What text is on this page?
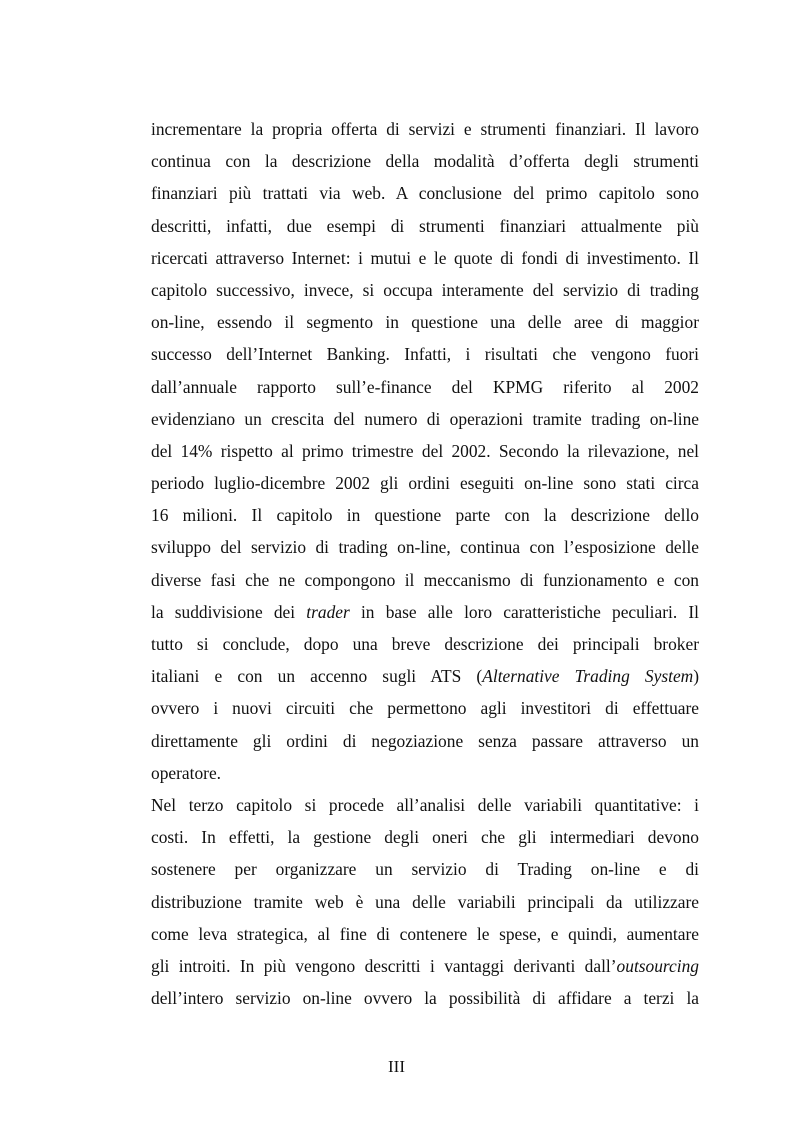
incrementare la propria offerta di servizi e strumenti finanziari. Il lavoro
continua con la descrizione della modalità d’offerta degli strumenti
finanziari più trattati via web. A conclusione del primo capitolo sono
descritti, infatti, due esempi di strumenti finanziari attualmente più
ricercati attraverso Internet: i mutui e le quote di fondi di investimento. Il
capitolo successivo, invece, si occupa interamente del servizio di trading
on-line, essendo il segmento in questione una delle aree di maggior
successo dell’Internet Banking. Infatti, i risultati che vengono fuori
dall’annuale rapporto sull’e-finance del KPMG riferito al 2002
evidenziano un crescita del numero di operazioni tramite trading on-line
del 14% rispetto al primo trimestre del 2002. Secondo la rilevazione, nel
periodo luglio-dicembre 2002 gli ordini eseguiti on-line sono stati circa
16 milioni. Il capitolo in questione parte con la descrizione dello
sviluppo del servizio di trading on-line, continua con l’esposizione delle
diverse fasi che ne compongono il meccanismo di funzionamento e con
la suddivisione dei trader in base alle loro caratteristiche peculiari. Il
tutto si conclude, dopo una breve descrizione dei principali broker
italiani e con un accenno sugli ATS (Alternative Trading System)
ovvero i nuovi circuiti che permettono agli investitori di effettuare
direttamente gli ordini di negoziazione senza passare attraverso un
operatore.
Nel terzo capitolo si procede all’analisi delle variabili quantitative: i
costi. In effetti, la gestione degli oneri che gli intermediari devono
sostenere per organizzare un servizio di Trading on-line e di
distribuzione tramite web è una delle variabili principali da utilizzare
come leva strategica, al fine di contenere le spese, e quindi, aumentare
gli introiti. In più vengono descritti i vantaggi derivanti dall’outsourcing
dell’intero servizio on-line ovvero la possibilità di affidare a terzi la
III
